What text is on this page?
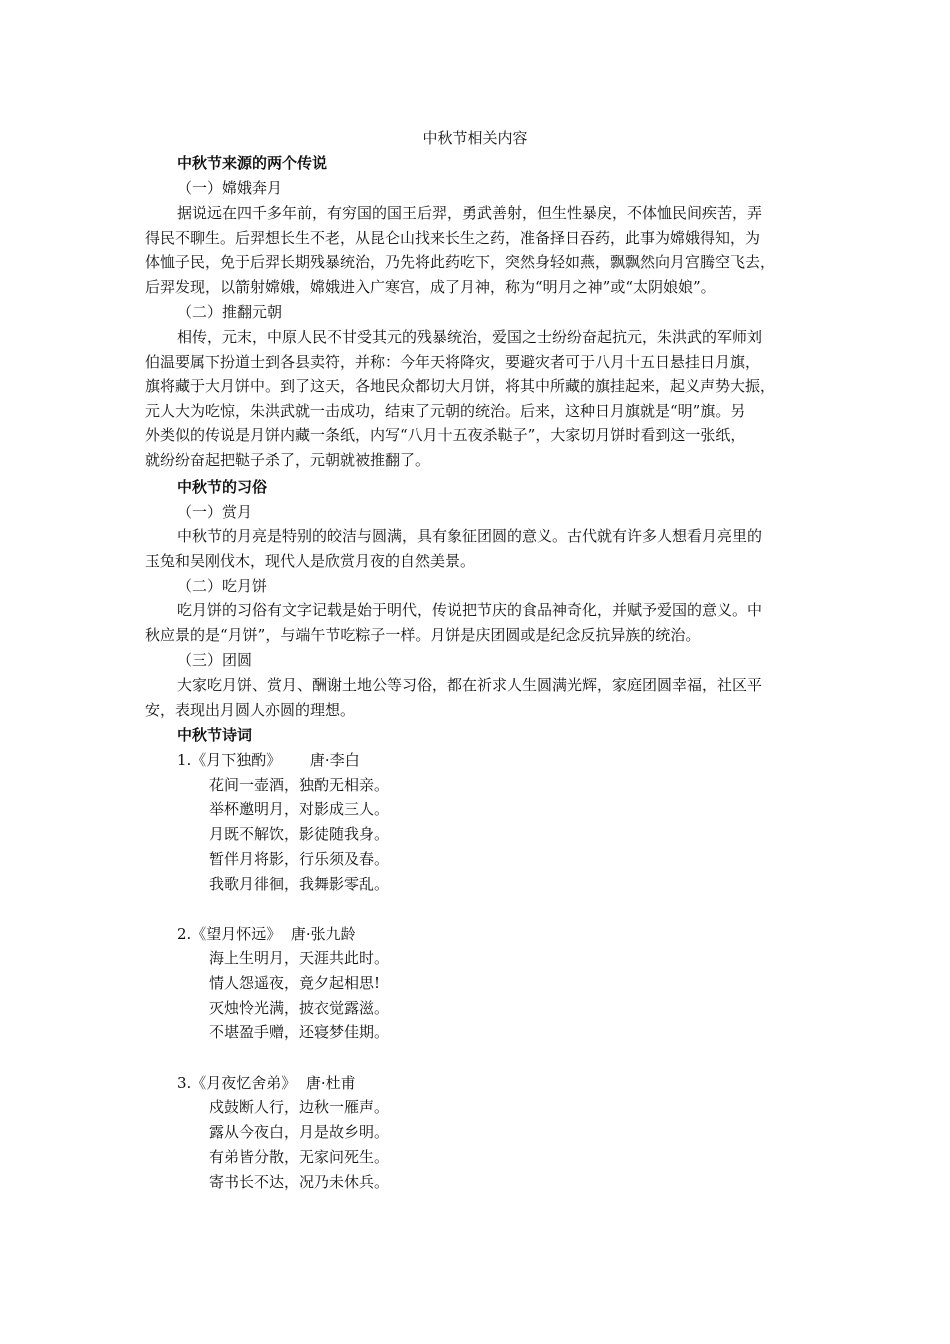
中秋节相关内容
中秋节来源的两个传说
（一）嫦娥奔月
据说远在四千多年前，有穷国的国王后羿，勇武善射，但生性暴戾，不体恤民间疾苦，弄
得民不聊生。后羿想长生不老，从昆仑山找来长生之药，准备择日吞药，此事为嫦娥得知，为
体恤子民，免于后羿长期残暴统治，乃先将此药吃下，突然身轻如燕，飘飘然向月宫腾空飞去，
后羿发现，以箭射嫦娥，嫦娥进入广寒宫，成了月神，称为“明月之神”或“太阴娘娘”。
（二）推翻元朝
相传，元末，中原人民不甘受其元的残暴统治，爱国之士纷纷奋起抗元，朱洪武的军师刘
伯温要属下扮道士到各县卖符，并称：今年天将降灾，要避灾者可于八月十五日悬挂日月旗，
旗将藏于大月饼中。到了这天，各地民众都切大月饼，将其中所藏的旗挂起来，起义声势大振，
元人大为吃惊，朱洪武就一击成功，结束了元朝的统治。后来，这种日月旗就是“明”旗。另
外类似的传说是月饼内藏一条纸，内写“八月十五夜杀鞑子”，大家切月饼时看到这一张纸，
就纷纷奋起把鞑子杀了，元朝就被推翻了。
中秋节的习俗
（一）赏月
中秋节的月亮是特别的皎洁与圆满，具有象征团圆的意义。古代就有许多人想看月亮里的
玉兔和吴刚伐木，现代人是欣赏月夜的自然美景。
（二）吃月饼
吃月饼的习俗有文字记载是始于明代，传说把节庆的食品神奇化，并赋予爱国的意义。中
秋应景的是“月饼”，与端午节吃粽子一样。月饼是庆团圆或是纪念反抗异族的统治。
（三）团圆
大家吃月饼、赏月、酬谢土地公等习俗，都在祈求人生圆满光辉，家庭团圆幸福，社区平
安，表现出月圆人亦圆的理想。
中秋节诗词
1.《月下独酌》      唐·李白
花间一壶酒，独酌无相亲。
举杯邀明月，对影成三人。
月既不解饮，影徒随我身。
暂伴月将影，行乐须及春。
我歌月徘徊，我舞影零乱。
2.《望月怀远》  唐·张九龄
海上生明月，天涯共此时。
情人怨遥夜，竟夕起相思!
灭烛怜光满，披衣觉露滋。
不堪盈手赠，还寝梦佳期。
3.《月夜忆舍弟》  唐·杜甫
戍鼓断人行，边秋一雁声。
露从今夜白，月是故乡明。
有弟皆分散，无家问死生。
寄书长不达，况乃未休兵。
